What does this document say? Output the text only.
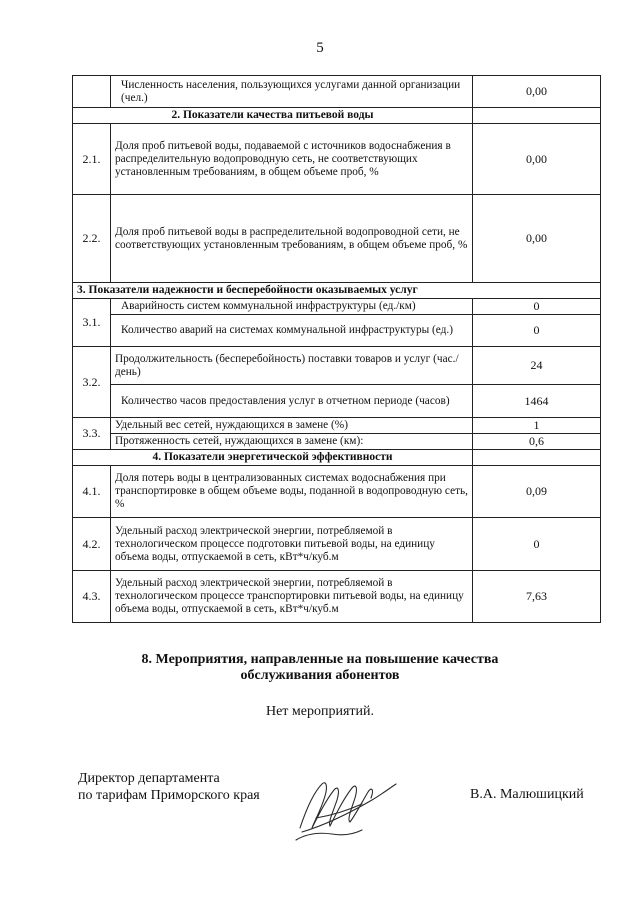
5
	Численность населения, пользующихся услугами данной организации (чел.)	0,00
2. Показатели качества питьевой воды		
2.1.	Доля проб питьевой воды, подаваемой с источников водоснабжения в распределительную водопроводную сеть, не соответствующих установленным требованиям, в общем объеме проб, %	0,00
2.2.	Доля проб питьевой воды в распределительной водопроводной сети, не соответствующих установленным требованиям, в общем объеме проб, %	0,00
3. Показатели надежности и бесперебойности оказываемых услуг		
3.1.	Аварийность систем коммунальной инфраструктуры (ед./км)	0
	Количество аварий на системах коммунальной инфраструктуры (ед.)	0
3.2.	Продолжительность (бесперебойность) поставки товаров и услуг (час./день)	24
	Количество часов предоставления услуг в отчетном периоде (часов)	1464
3.3.	Удельный вес сетей, нуждающихся в замене (%)	1
	Протяженность сетей, нуждающихся в замене (км):	0,6
4. Показатели энергетической эффективности		
4.1.	Доля потерь воды в централизованных системах водоснабжения при транспортировке в общем объеме воды, поданной в водопроводную сеть, %	0,09
4.2.	Удельный расход электрической энергии, потребляемой в технологическом процессе подготовки питьевой воды, на единицу объема воды, отпускаемой в сеть, кВт*ч/куб.м	0
4.3.	Удельный расход электрической энергии, потребляемой в технологическом процессе транспортировки питьевой воды, на единицу объема воды, отпускаемой в сеть, кВт*ч/куб.м	7,63
8. Мероприятия, направленные на повышение качества
обслуживания абонентов
Нет мероприятий.
Директор департамента
по тарифам Приморского края	В.А. Малюшицкий
